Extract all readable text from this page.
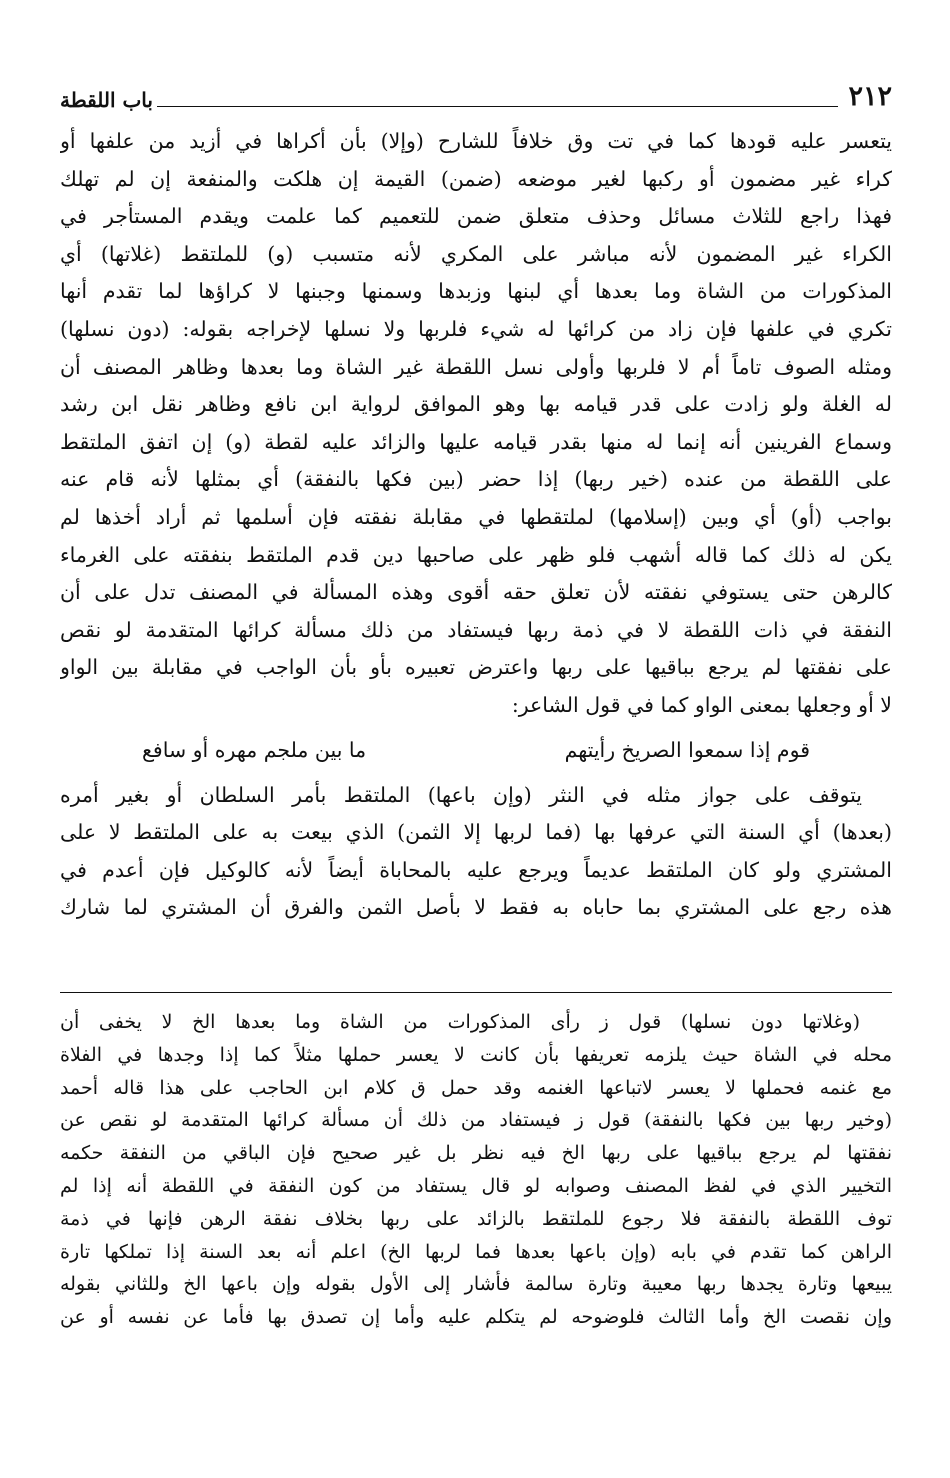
٢١٢
باب اللقطة
يتعسر عليه قودها كما في تت وق خلافاً للشارح (وإلا) بأن أكراها في أزيد من علفها أو
كراء غير مضمون أو ركبها لغير موضعه (ضمن) القيمة إن هلكت والمنفعة إن لم تهلك
فهذا راجع للثلاث مسائل وحذف متعلق ضمن للتعميم كما علمت ويقدم المستأجر في
الكراء غير المضمون لأنه مباشر على المكري لأنه متسبب (و) للملتقط (غلاتها) أي
المذكورات من الشاة وما بعدها أي لبنها وزبدها وسمنها وجبنها لا كراؤها لما تقدم أنها
تكري في علفها فإن زاد من كرائها له شيء فلربها ولا نسلها لإخراجه بقوله: (دون نسلها)
ومثله الصوف تاماً أم لا فلربها وأولى نسل اللقطة غير الشاة وما بعدها وظاهر المصنف أن
له الغلة ولو زادت على قدر قيامه بها وهو الموافق لرواية ابن نافع وظاهر نقل ابن رشد
وسماع الفرينين أنه إنما له منها بقدر قيامه عليها والزائد عليه لقطة (و) إن اتفق الملتقط
على اللقطة من عنده (خير ربها) إذا حضر (بين فكها بالنفقة) أي بمثلها لأنه قام عنه
بواجب (أو) أي وبين (إسلامها) لملتقطها في مقابلة نفقته فإن أسلمها ثم أراد أخذها لم
يكن له ذلك كما قاله أشهب فلو ظهر على صاحبها دين قدم الملتقط بنفقته على الغرماء
كالرهن حتى يستوفي نفقته لأن تعلق حقه أقوى وهذه المسألة في المصنف تدل على أن
النفقة في ذات اللقطة لا في ذمة ربها فيستفاد من ذلك مسألة كرائها المتقدمة لو نقص
على نفقتها لم يرجع بباقيها على ربها واعترض تعبيره بأو بأن الواجب في مقابلة بين الواو
لا أو وجعلها بمعنى الواو كما في قول الشاعر:
قوم إذا سمعوا الصريخ رأيتهم
ما بين ملجم مهره أو سافع
يتوقف على جواز مثله في النثر (وإن باعها) الملتقط بأمر السلطان أو بغير أمره
(بعدها) أي السنة التي عرفها بها (فما لربها إلا الثمن) الذي بيعت به على الملتقط لا على
المشتري ولو كان الملتقط عديماً ويرجع عليه بالمحاباة أيضاً لأنه كالوكيل فإن أعدم في
هذه رجع على المشتري بما حاباه به فقط لا بأصل الثمن والفرق أن المشتري لما شارك
(وغلاتها دون نسلها) قول ز رأى المذكورات من الشاة وما بعدها الخ لا يخفى أن
محله في الشاة حيث يلزمه تعريفها بأن كانت لا يعسر حملها مثلاً كما إذا وجدها في الفلاة
مع غنمه فحملها لا يعسر لاتباعها الغنمه وقد حمل ق كلام ابن الحاجب على هذا قاله أحمد
(وخير ربها بين فكها بالنفقة) قول ز فيستفاد من ذلك أن مسألة كرائها المتقدمة لو نقص عن
نفقتها لم يرجع بباقيها على ربها الخ فيه نظر بل غير صحيح فإن الباقي من النفقة حكمه
التخيير الذي في لفظ المصنف وصوابه لو قال يستفاد من كون النفقة في اللقطة أنه إذا لم
توف اللقطة بالنفقة فلا رجوع للملتقط بالزائد على ربها بخلاف نفقة الرهن فإنها في ذمة
الراهن كما تقدم في بابه (وإن باعها بعدها فما لربها الخ) اعلم أنه بعد السنة إذا تملكها تارة
يبيعها وتارة يجدها ربها معيبة وتارة سالمة فأشار إلى الأول بقوله وإن باعها الخ وللثاني بقوله
وإن نقصت الخ وأما الثالث فلوضوحه لم يتكلم عليه وأما إن تصدق بها فأما عن نفسه أو عن
